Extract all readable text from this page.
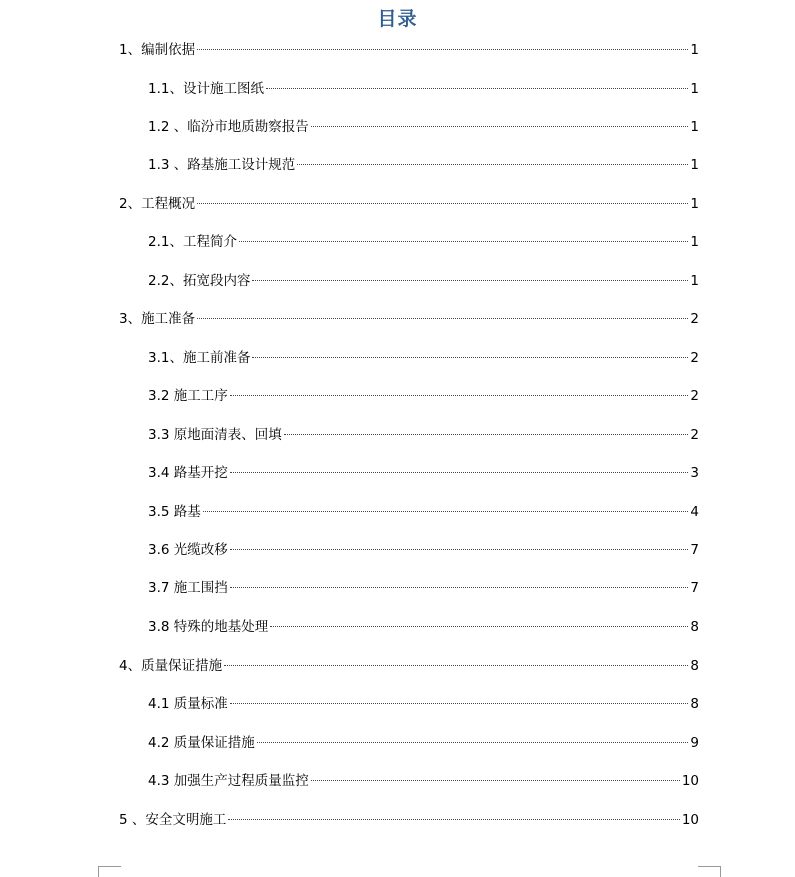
目录
1、编制依据	1
1.1、设计施工图纸	1
1.2 、临汾市地质勘察报告	1
1.3 、路基施工设计规范	1
2、工程概况	1
2.1、工程简介	1
2.2、拓宽段内容	1
3、施工准备	2
3.1、施工前准备	2
3.2 施工工序	2
3.3 原地面清表、回填	2
3.4 路基开挖	3
3.5 路基	4
3.6 光缆改移	7
3.7 施工围挡	7
3.8 特殊的地基处理	8
4、质量保证措施	8
4.1 质量标准	8
4.2 质量保证措施	9
4.3 加强生产过程质量监控	10
5 、安全文明施工	10
